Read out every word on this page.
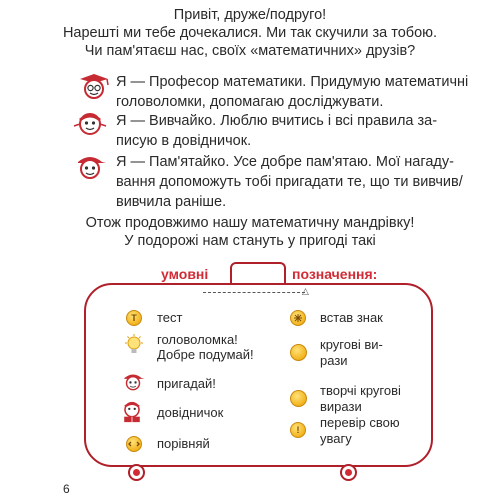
Привіт, друже/подруго!
Нарешті ми тебе дочекалися. Ми так скучили за тобою.
Чи пам'ятаєш нас, своїх «математичних» друзів?
Я — Професор математики. Придумую математичні
головоломки, допомагаю досліджувати.
Я — Вивчайко. Люблю вчитись і всі правила за-
писую в довідничок.
Я — Пам'ятайко. Усе добре пам'ятаю. Мої нагаду-
вання допоможуть тобі пригадати те, що ти вивчив/
вивчила раніше.
Отож продовжимо нашу математичну мандрівку!
У подорожі нам стануть у пригоді такі
умовні	позначення:
△
Т	тест
головоломка!
Добре подумай!
пригадай!
довідничок
порівняй
встав знак
кругові ви-
рази
творчі кругові
вирази
!	перевір свою
увагу
6
